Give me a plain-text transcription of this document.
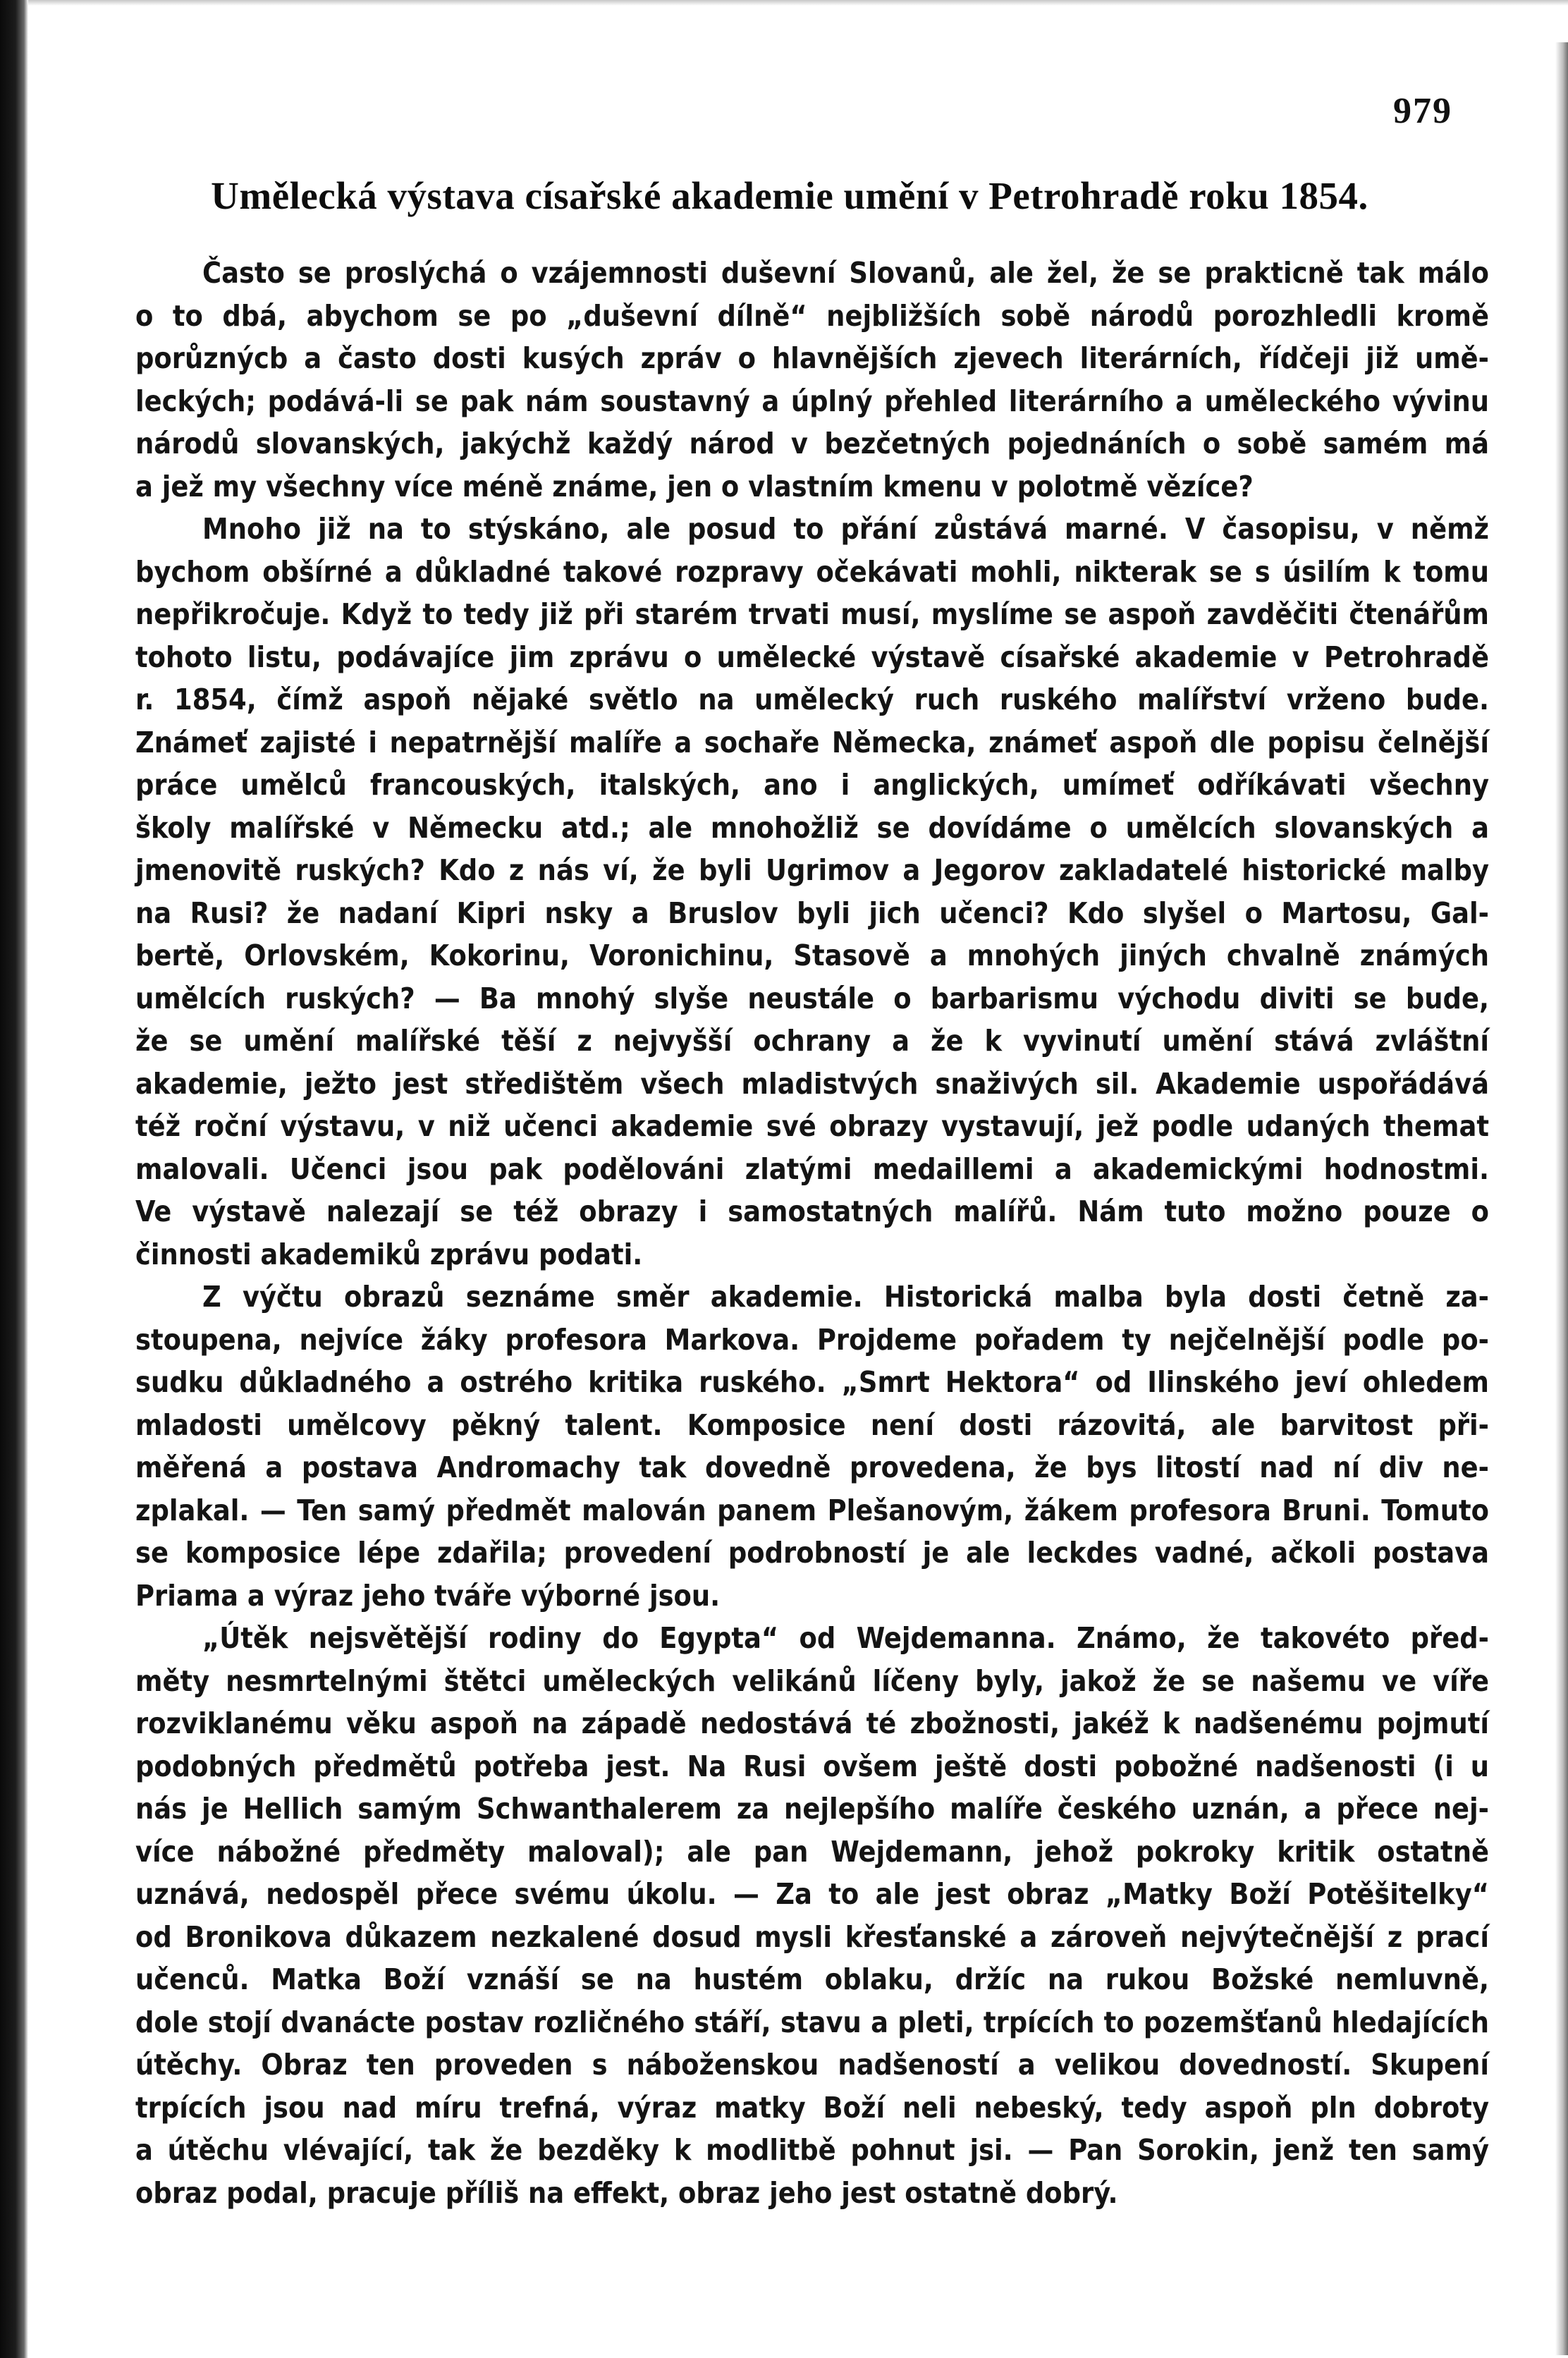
979
Umělecká výstava císařské akademie umění v Petrohradě roku 1854.
Často se proslýchá o vzájemnosti duševní Slovanů, ale žel, že se prakticně tak málo
o to dbá, abychom se po „duševní dílně“ nejbližších sobě národů porozhledli kromě
porůznýcb a často dosti kusých zpráv o hlavnějších zjevech literárních, řídčeji již umě-
leckých; podává-li se pak nám soustavný a úplný přehled literárního a uměleckého vývinu
národů slovanských, jakýchž každý národ v bezčetných pojednáních o sobě samém má
a jež my všechny více méně známe, jen o vlastním kmenu v polotmě vězíce?
Mnoho již na to stýskáno, ale posud to přání zůstává marné. V časopisu, v němž
bychom obšírné a důkladné takové rozpravy očekávati mohli, nikterak se s úsilím k tomu
nepřikročuje. Když to tedy již při starém trvati musí, myslíme se aspoň zavděčiti čtenářům
tohoto listu, podávajíce jim zprávu o umělecké výstavě císařské akademie v Petrohradě
r. 1854, čímž aspoň nějaké světlo na umělecký ruch ruského malířství vrženo bude.
Známeť zajisté i nepatrnější malíře a sochaře Německa, známeť aspoň dle popisu čelnější
práce umělců francouských, italských, ano i anglických, umímeť odříkávati všechny
školy malířské v Německu atd.; ale mnohožliž se dovídáme o umělcích slovanských a
jmenovitě ruských? Kdo z nás ví, že byli Ugrimov a Jegorov zakladatelé historické malby
na Rusi? že nadaní Kipri nsky a Bruslov byli jich učenci? Kdo slyšel o Martosu, Gal-
bertě, Orlovském, Kokorinu, Voronichinu, Stasově a mnohých jiných chvalně známých
umělcích ruských? — Ba mnohý slyše neustále o barbarismu východu diviti se bude,
že se umění malířské těší z nejvyšší ochrany a že k vyvinutí umění stává zvláštní
akademie, ježto jest středištěm všech mladistvých snaživých sil. Akademie uspořádává
též roční výstavu, v niž učenci akademie své obrazy vystavují, jež podle udaných themat
malovali. Učenci jsou pak podělováni zlatými medaillemi a akademickými hodnostmi.
Ve výstavě nalezají se též obrazy i samostatných malířů. Nám tuto možno pouze o
činnosti akademiků zprávu podati.
Z výčtu obrazů seznáme směr akademie. Historická malba byla dosti četně za-
stoupena, nejvíce žáky profesora Markova. Projdeme pořadem ty nejčelnější podle po-
sudku důkladného a ostrého kritika ruského. „Smrt Hektora“ od Ilinského jeví ohledem
mladosti umělcovy pěkný talent. Komposice není dosti rázovitá, ale barvitost při-
měřená a postava Andromachy tak dovedně provedena, že bys litostí nad ní div ne-
zplakal. — Ten samý předmět malován panem Plešanovým, žákem profesora Bruni. Tomuto
se komposice lépe zdařila; provedení podrobností je ale leckdes vadné, ačkoli postava
Priama a výraz jeho tváře výborné jsou.
„Útěk nejsvětější rodiny do Egypta“ od Wejdemanna. Známo, že takovéto před-
měty nesmrtelnými štětci uměleckých velikánů líčeny byly, jakož že se našemu ve víře
rozviklanému věku aspoň na západě nedostává té zbožnosti, jakéž k nadšenému pojmutí
podobných předmětů potřeba jest. Na Rusi ovšem ještě dosti pobožné nadšenosti (i u
nás je Hellich samým Schwanthalerem za nejlepšího malíře českého uznán, a přece nej-
více nábožné předměty maloval); ale pan Wejdemann, jehož pokroky kritik ostatně
uznává, nedospěl přece svému úkolu. — Za to ale jest obraz „Matky Boží Potěšitelky“
od Bronikova důkazem nezkalené dosud mysli křesťanské a zároveň nejvýtečnější z prací
učenců. Matka Boží vznáší se na hustém oblaku, držíc na rukou Božské nemluvně,
dole stojí dvanácte postav rozličného stáří, stavu a pleti, trpících to pozemšťanů hledajících
útěchy. Obraz ten proveden s náboženskou nadšeností a velikou dovedností. Skupení
trpících jsou nad míru trefná, výraz matky Boží neli nebeský, tedy aspoň pln dobroty
a útěchu vlévající, tak že bezděky k modlitbě pohnut jsi. — Pan Sorokin, jenž ten samý
obraz podal, pracuje příliš na effekt, obraz jeho jest ostatně dobrý.
